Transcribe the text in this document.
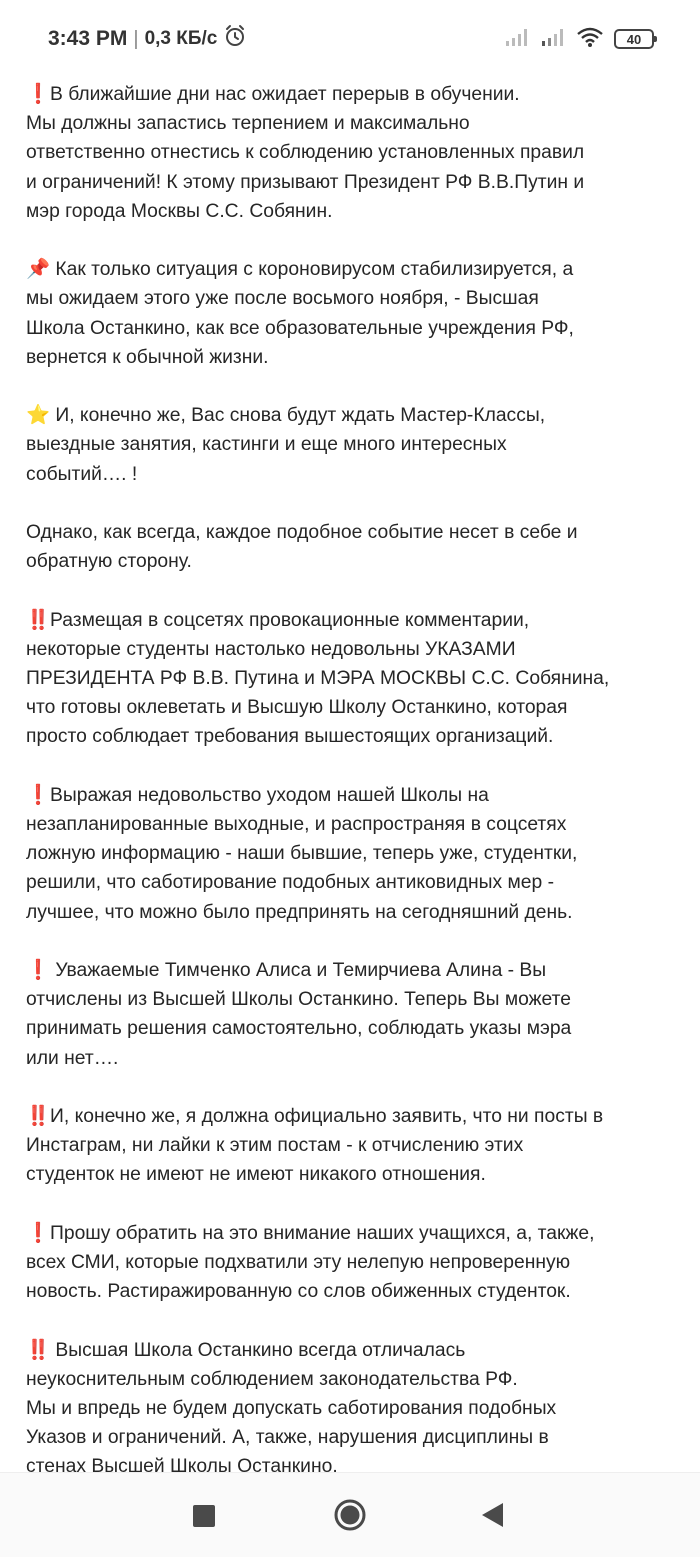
3:43 PM | 0,3 КБ/с	40

❗В ближайшие дни нас ожидает перерыв в обучении.
Мы должны запастись терпением и максимально
ответственно отнестись к соблюдению установленных правил
и ограничений! К этому призывают Президент РФ В.В.Путин и
мэр города Москвы С.С. Собянин.

📌 Как только ситуация с короновирусом стабилизируется, а
мы ожидаем этого уже после восьмого ноября, - Высшая
Школа Останкино, как все образовательные учреждения РФ,
вернется к обычной жизни.

⭐ И, конечно же, Вас снова будут ждать Мастер-Классы,
выездные занятия, кастинги и еще много интересных
событий…. !

Однако, как всегда, каждое подобное событие несет в себе и
обратную сторону.

‼️Размещая в соцсетях провокационные комментарии,
некоторые студенты настолько недовольны УКАЗАМИ
ПРЕЗИДЕНТА РФ В.В. Путина и МЭРА МОСКВЫ С.С. Собянина,
что готовы оклеветать и Высшую Школу Останкино, которая
просто соблюдает требования вышестоящих организаций.

❗Выражая недовольство уходом нашей Школы на
незапланированные выходные, и распространяя в соцсетях
ложную информацию - наши бывшие, теперь уже, студентки,
решили, что саботирование подобных антиковидных мер -
лучшее, что можно было предпринять на сегодняшний день.

❗ Уважаемые Тимченко Алиса и Темирчиева Алина - Вы
отчислены из Высшей Школы Останкино. Теперь Вы можете
принимать решения самостоятельно, соблюдать указы мэра
или нет….

‼️И, конечно же, я должна официально заявить, что ни посты в
Инстаграм, ни лайки к этим постам - к отчислению этих
студенток не имеют не имеют никакого отношения.

❗Прошу обратить на это внимание наших учащихся, а, также,
всех СМИ, которые подхватили эту нелепую непроверенную
новость. Растиражированную со слов обиженных студенток.

‼️ Высшая Школа Останкино всегда отличалась
неукоснительным соблюдением законодательства РФ.
Мы и впредь не будем допускать саботирования подобных
Указов и ограничений. А, также, нарушения дисциплины в
стенах Высшей Школы Останкино.
